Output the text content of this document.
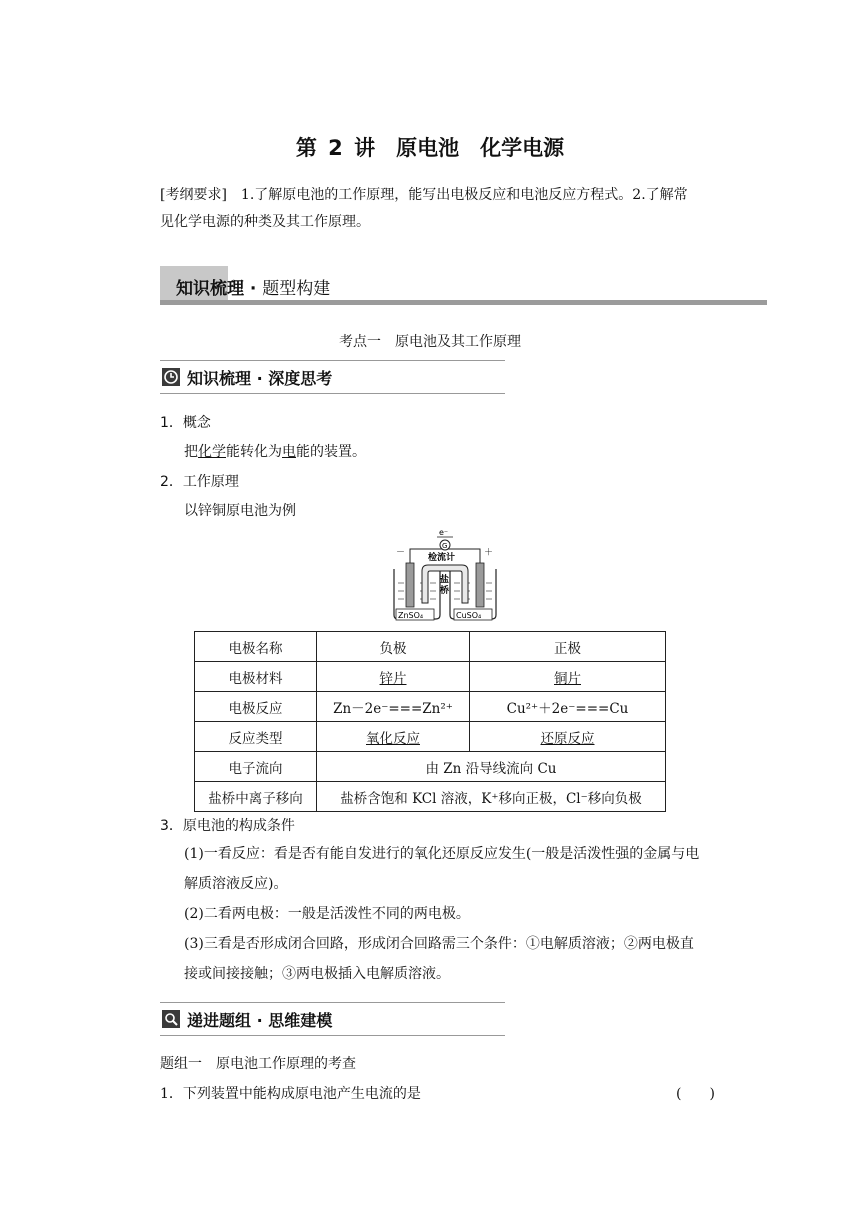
第 2 讲　原电池　化学电源
[考纲要求]　1.了解原电池的工作原理，能写出电极反应和电池反应方程式。2.了解常
见化学电源的种类及其工作原理。
知识梳理 · 题型构建
考点一　原电池及其工作原理
知识梳理 · 深度思考
1．概念
把化学能转化为电能的装置。
2．工作原理
以锌铜原电池为例
e⁻
G
检流计
－	＋
盐
桥
ZnSO₄	CuSO₄
电极名称	负极	正极
电极材料	锌片	铜片
电极反应	Zn－2e⁻===Zn²⁺	Cu²⁺＋2e⁻===Cu
反应类型	氧化反应	还原反应
电子流向	由 Zn 沿导线流向 Cu	
盐桥中离子移向	盐桥含饱和 KCl 溶液，K⁺移向正极，Cl⁻移向负极	
3．原电池的构成条件
(1)一看反应：看是否有能自发进行的氧化还原反应发生(一般是活泼性强的金属与电
解质溶液反应)。
(2)二看两电极：一般是活泼性不同的两电极。
(3)三看是否形成闭合回路，形成闭合回路需三个条件：①电解质溶液；②两电极直
接或间接接触；③两电极插入电解质溶液。
递进题组 · 思维建模
题组一　原电池工作原理的考查
1．下列装置中能构成原电池产生电流的是	(　　)
